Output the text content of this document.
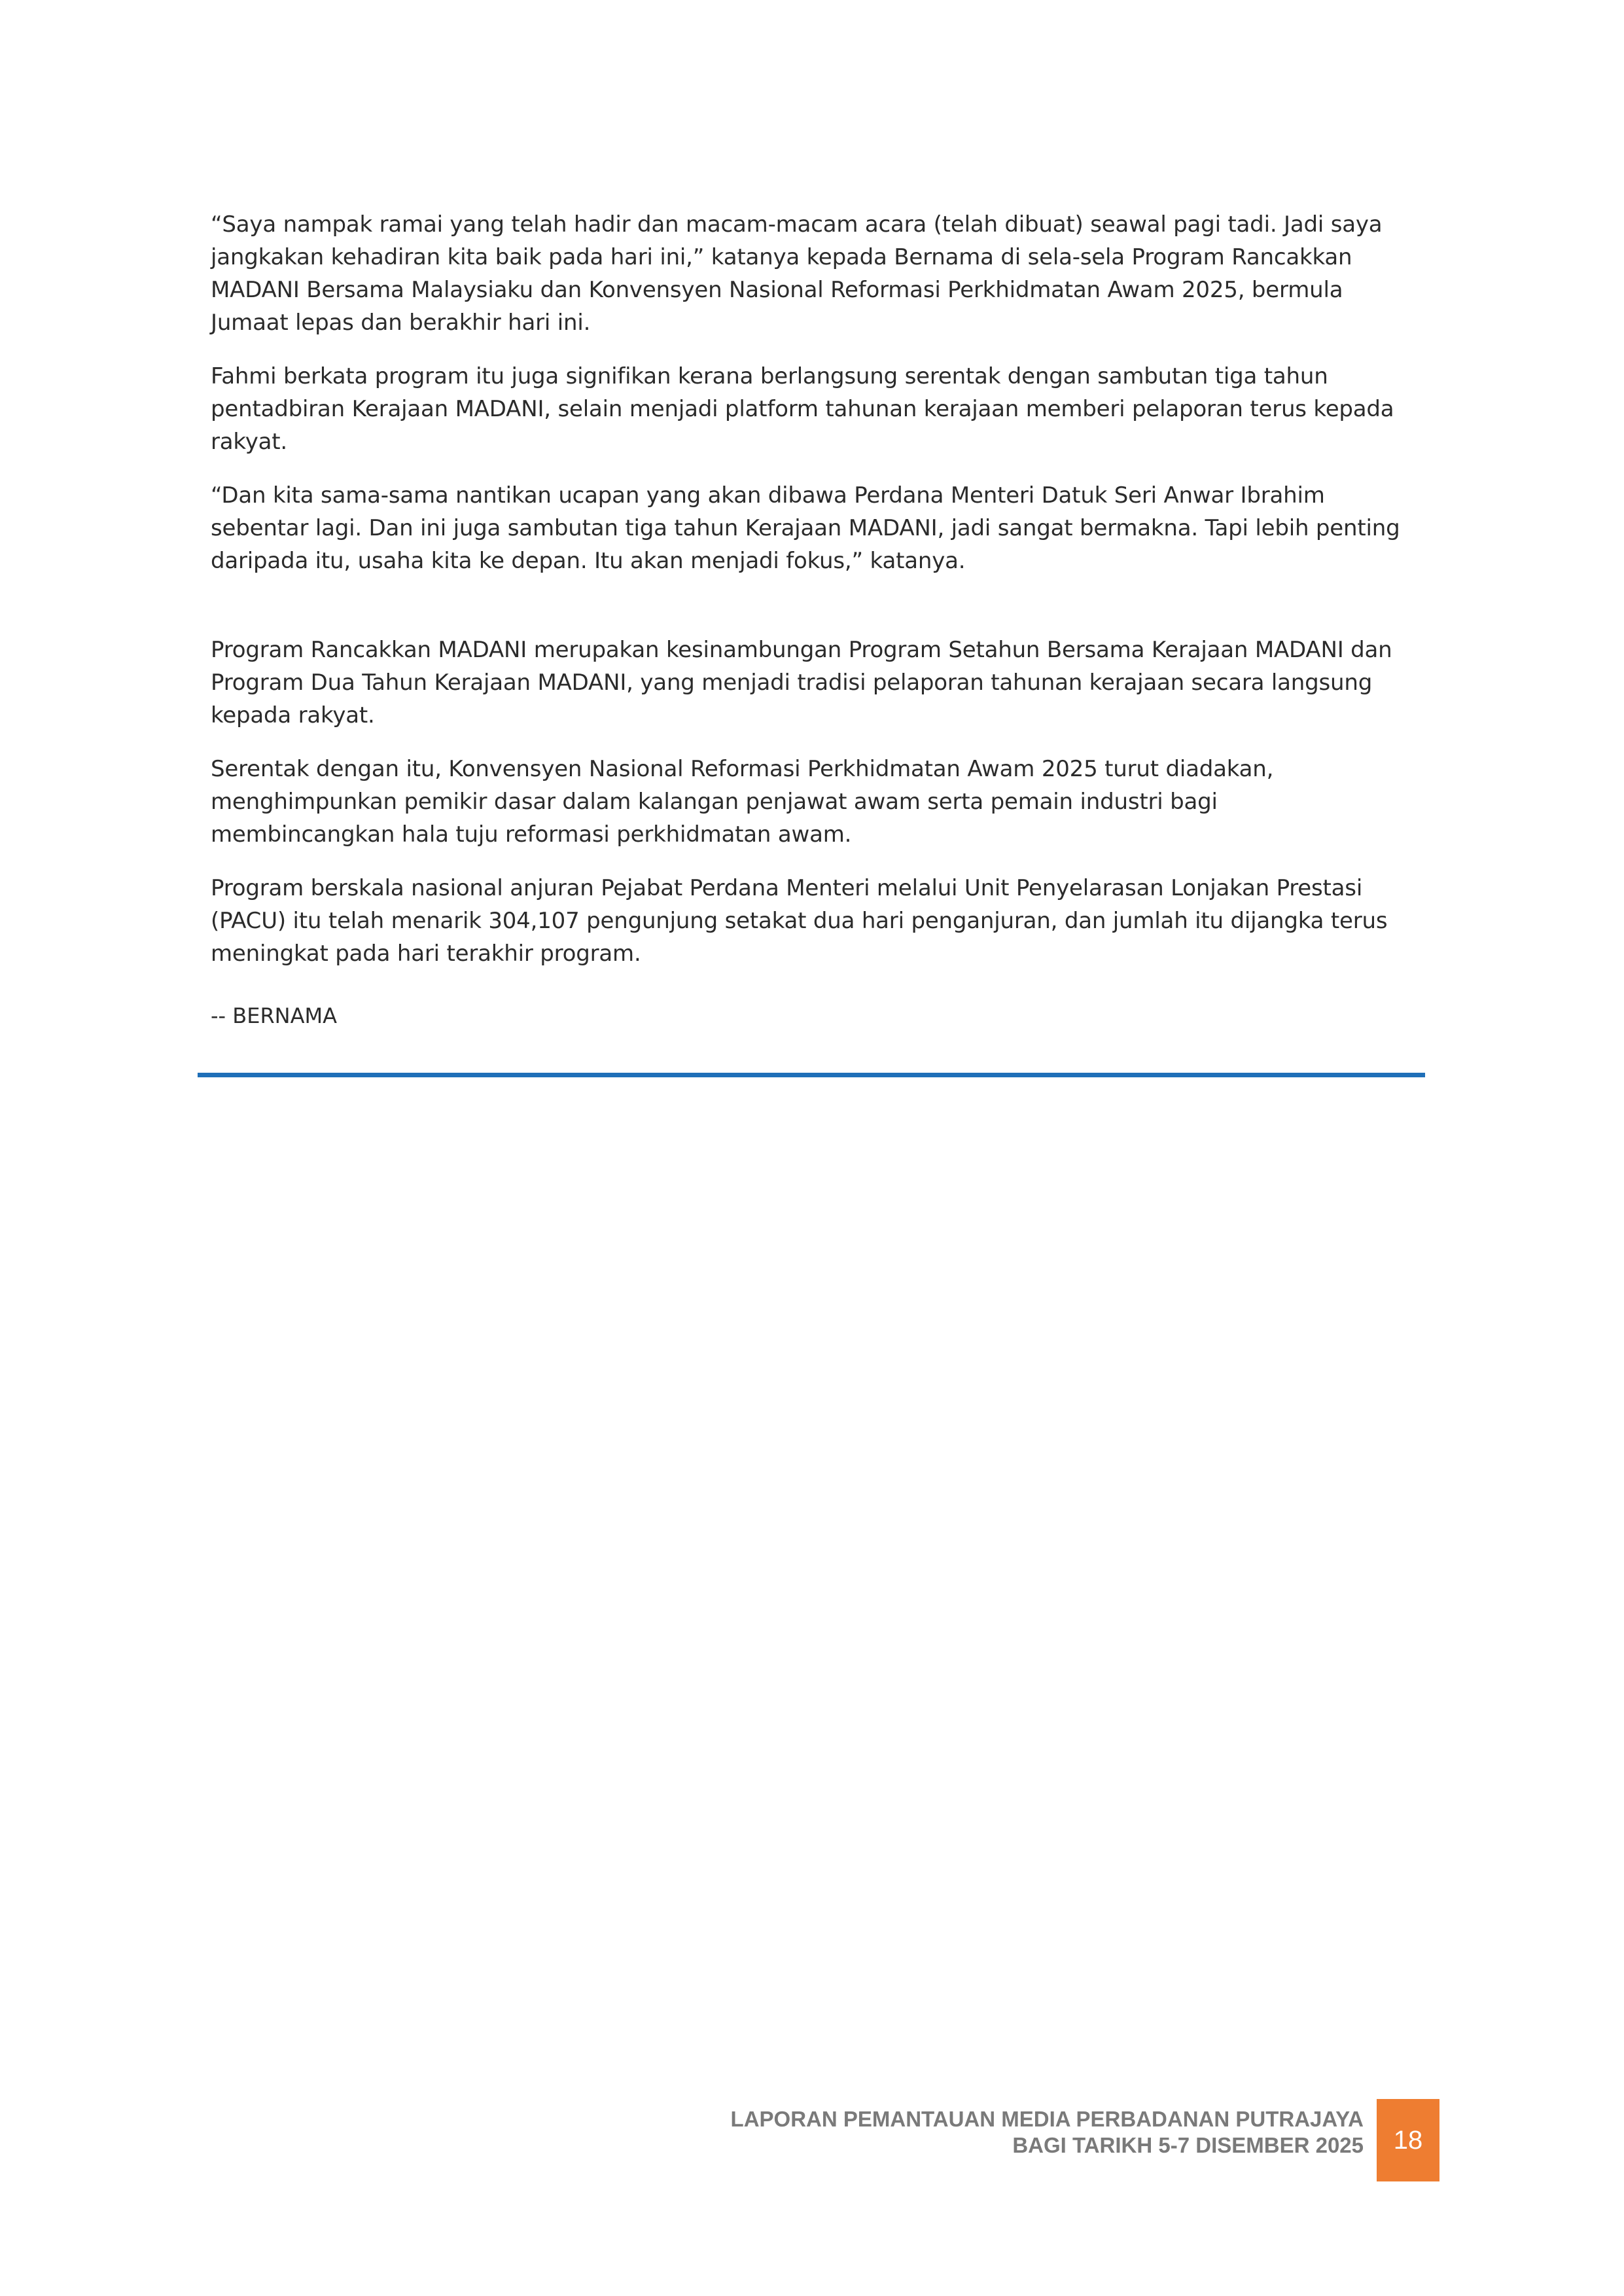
“Saya nampak ramai yang telah hadir dan macam-macam acara (telah dibuat) seawal pagi tadi. Jadi saya jangkakan kehadiran kita baik pada hari ini,” katanya kepada Bernama di sela-sela Program Rancakkan MADANI Bersama Malaysiaku dan Konvensyen Nasional Reformasi Perkhidmatan Awam 2025, bermula Jumaat lepas dan berakhir hari ini.

Fahmi berkata program itu juga signifikan kerana berlangsung serentak dengan sambutan tiga tahun pentadbiran Kerajaan MADANI, selain menjadi platform tahunan kerajaan memberi pelaporan terus kepada rakyat.

“Dan kita sama-sama nantikan ucapan yang akan dibawa Perdana Menteri Datuk Seri Anwar Ibrahim sebentar lagi. Dan ini juga sambutan tiga tahun Kerajaan MADANI, jadi sangat bermakna. Tapi lebih penting daripada itu, usaha kita ke depan. Itu akan menjadi fokus,” katanya.

Program Rancakkan MADANI merupakan kesinambungan Program Setahun Bersama Kerajaan MADANI dan Program Dua Tahun Kerajaan MADANI, yang menjadi tradisi pelaporan tahunan kerajaan secara langsung kepada rakyat.

Serentak dengan itu, Konvensyen Nasional Reformasi Perkhidmatan Awam 2025 turut diadakan, menghimpunkan pemikir dasar dalam kalangan penjawat awam serta pemain industri bagi membincangkan hala tuju reformasi perkhidmatan awam.

Program berskala nasional anjuran Pejabat Perdana Menteri melalui Unit Penyelarasan Lonjakan Prestasi (PACU) itu telah menarik 304,107 pengunjung setakat dua hari penganjuran, dan jumlah itu dijangka terus meningkat pada hari terakhir program.

-- BERNAMA

LAPORAN PEMANTAUAN MEDIA PERBADANAN PUTRAJAYA
BAGI TARIKH 5-7 DISEMBER 2025 18
